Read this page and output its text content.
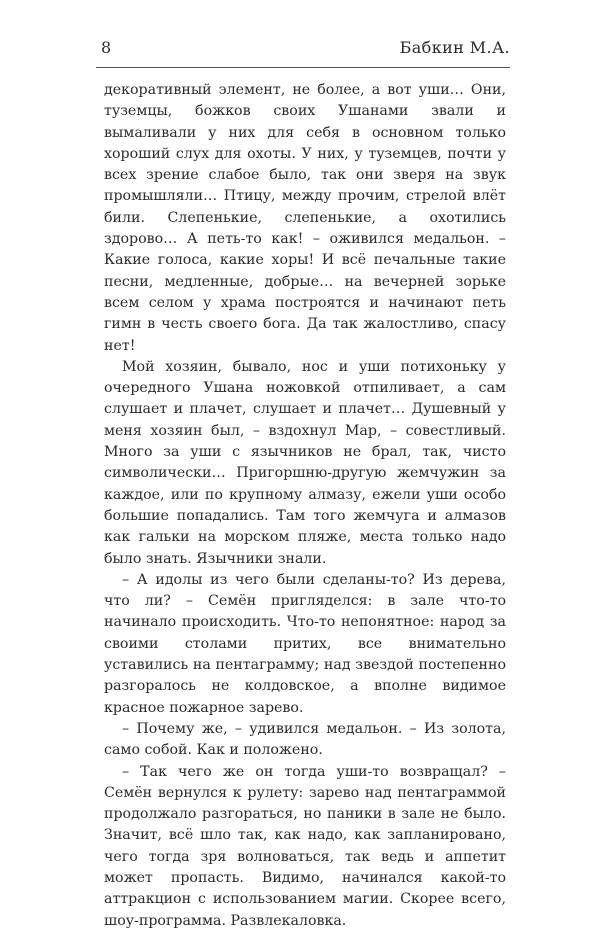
8	Бабкин М.А.

декоративный элемент, не более, а вот уши… Они, туземцы, божков своих Ушанами звали и вымаливали у них для себя в основном только хороший слух для охоты. У них, у туземцев, почти у всех зрение слабое было, так они зверя на звук промышляли… Птицу, между прочим, стрелой влёт били. Слепенькие, слепенькие, а охотились здорово… А петь-то как! – оживился медальон. – Какие голоса, какие хоры! И всё печальные такие песни, медленные, добрые… на вечерней зорьке всем селом у храма построятся и начинают петь гимн в честь своего бога. Да так жалостливо, спасу нет!

Мой хозяин, бывало, нос и уши потихоньку у очередного Ушана ножовкой отпиливает, а сам слушает и плачет, слушает и плачет… Душевный у меня хозяин был, – вздохнул Мар, – совестливый. Много за уши с язычников не брал, так, чисто символически… Пригоршню-другую жемчужин за каждое, или по крупному алмазу, ежели уши особо большие попадались. Там того жемчуга и алмазов как гальки на морском пляже, места только надо было знать. Язычники знали.

– А идолы из чего были сделаны-то? Из дерева, что ли? – Семён пригляделся: в зале что-то начинало происходить. Что-то непонятное: народ за своими столами притих, все внимательно уставились на пентаграмму; над звездой постепенно разгоралось не колдовское, а вполне видимое красное пожарное зарево.

– Почему же, – удивился медальон. – Из золота, само собой. Как и положено.

– Так чего же он тогда уши-то возвращал? – Семён вернулся к рулету: зарево над пентаграммой продолжало разгораться, но паники в зале не было. Значит, всё шло так, как надо, как запланировано, чего тогда зря волноваться, так ведь и аппетит может пропасть. Видимо, начинался какой-то аттракцион с использованием магии. Скорее всего, шоу-программа. Развлекаловка.
